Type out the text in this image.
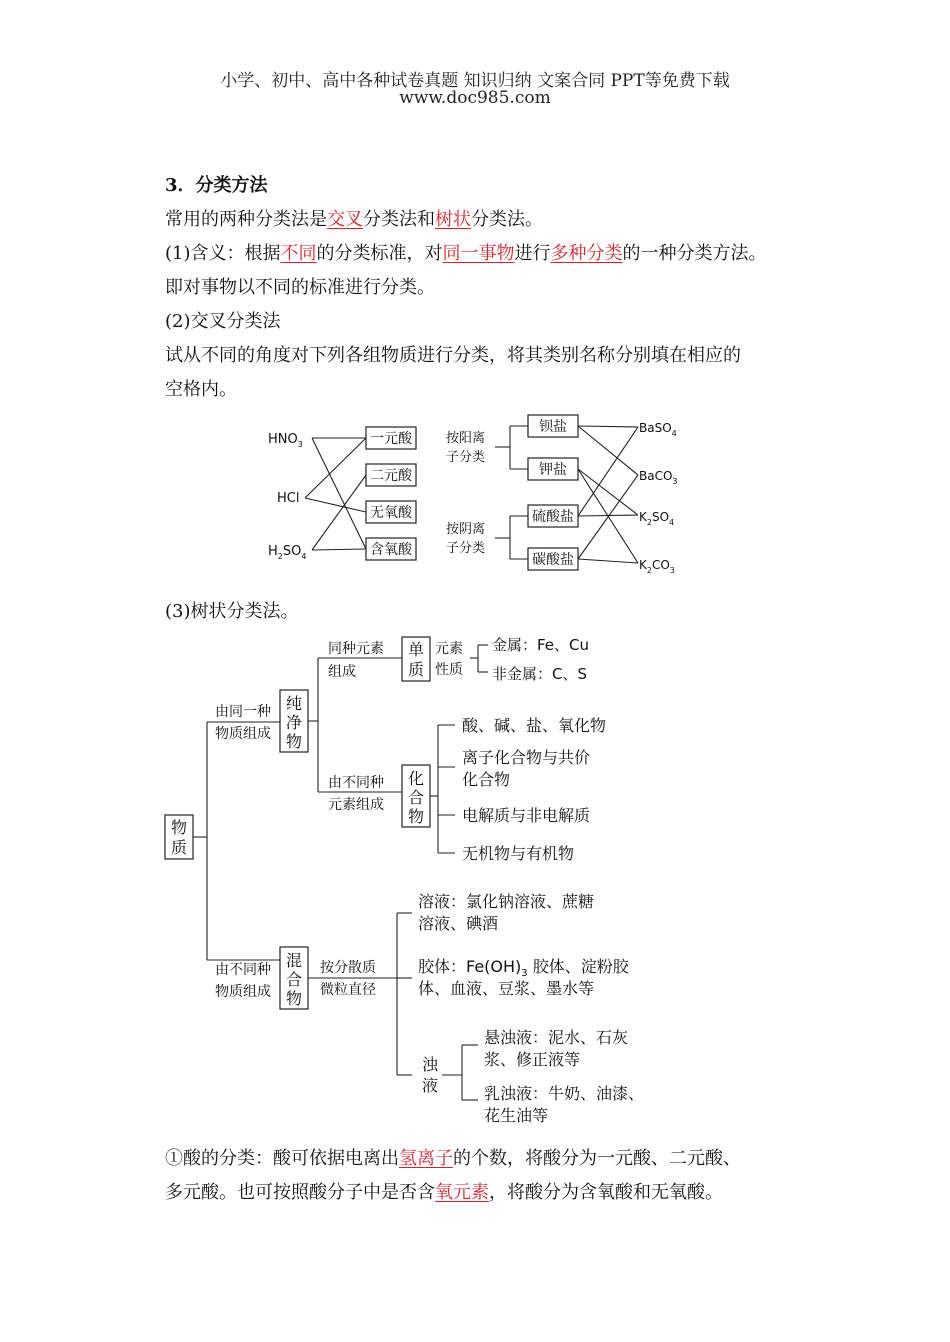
小学、初中、高中各种试卷真题 知识归纳 文案合同 PPT等免费下载
www.doc985.com
3．分类方法
常用的两种分类法是交叉分类法和树状分类法。
(1)含义：根据不同的分类标准，对同一事物进行多种分类的一种分类方法。
即对事物以不同的标准进行分类。
(2)交叉分类法
试从不同的角度对下列各组物质进行分类，将其类别名称分别填在相应的
空格内。
$HNO_3$
HCl
$H_2SO_4$
一元酸
二元酸
无氧酸
含氧酸
按阳离
子分类
按阴离
子分类
钡盐
钾盐
硫酸盐
碳酸盐
BaSO$_4$
BaCO$_3$
$K_2SO_4$
$K_2CO_3$
(3)树状分类法。
物
质
由同一种
物质组成
由不同种
物质组成
纯
净
物
同种元素
组成
由不同种
元素组成
单
质
元素
性质
金属：Fe、Cu
非金属：C、S
化
合
物
酸、碱、盐、氧化物
离子化合物与共价
化合物
电解质与非电解质
无机物与有机物
混
合
物
按分散质
微粒直径
溶液：氯化钠溶液、蔗糖
溶液、碘酒
胶体：$Fe(OH)_3$ 胶体、淀粉胶
体、血液、豆浆、墨水等
浊
液
悬浊液：泥水、石灰
浆、修正液等
乳浊液：牛奶、油漆、
花生油等
①酸的分类：酸可依据电离出氢离子的个数，将酸分为一元酸、二元酸、
多元酸。也可按照酸分子中是否含氧元素，将酸分为含氧酸和无氧酸。
